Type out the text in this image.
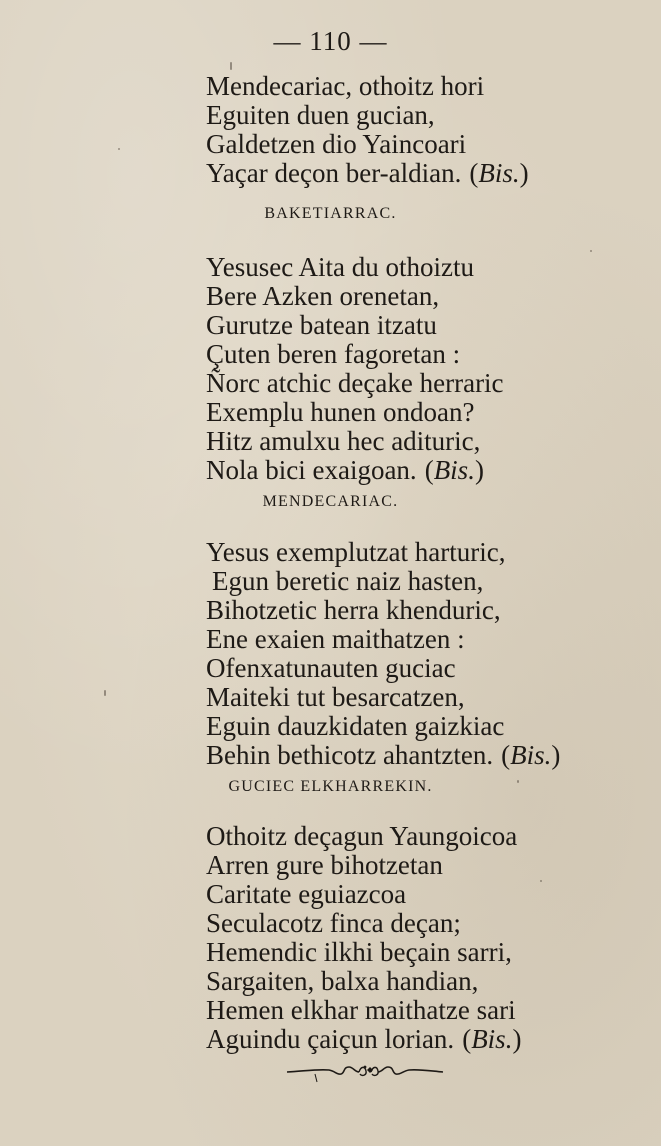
— 110 —
Mendecariac, othoitz hori
Eguiten duen gucian,
Galdetzen dio Yaincoari
Yaçar deçon ber-aldian. (Bis.)
BAKETIARRAC.
Yesusec Aita du othoiztu
Bere Azken orenetan,
Gurutze batean itzatu
Çuten beren fagoretan :
Ñorc atchic deçake herraric
Exemplu hunen ondoan?
Hitz amulxu hec adituric,
Nola bici exaigoan. (Bis.)
MENDECARIAC.
Yesus exemplutzat harturic,
Egun beretic naiz hasten,
Bihotzetic herra khenduric,
Ene exaien maithatzen :
Ofenxatunauten guciac
Maiteki tut besarcatzen,
Eguin dauzkidaten gaizkiac
Behin bethicotz ahantzten. (Bis.)
GUCIEC ELKHARREKIN.
Othoitz deçagun Yaungoicoa
Arren gure bihotzetan
Caritate eguiazcoa
Seculacotz finca deçan;
Hemendic ilkhi beçain sarri,
Sargaiten, balxa handian,
Hemen elkhar maithatze sari
Aguindu çaiçun lorian. (Bis.)
